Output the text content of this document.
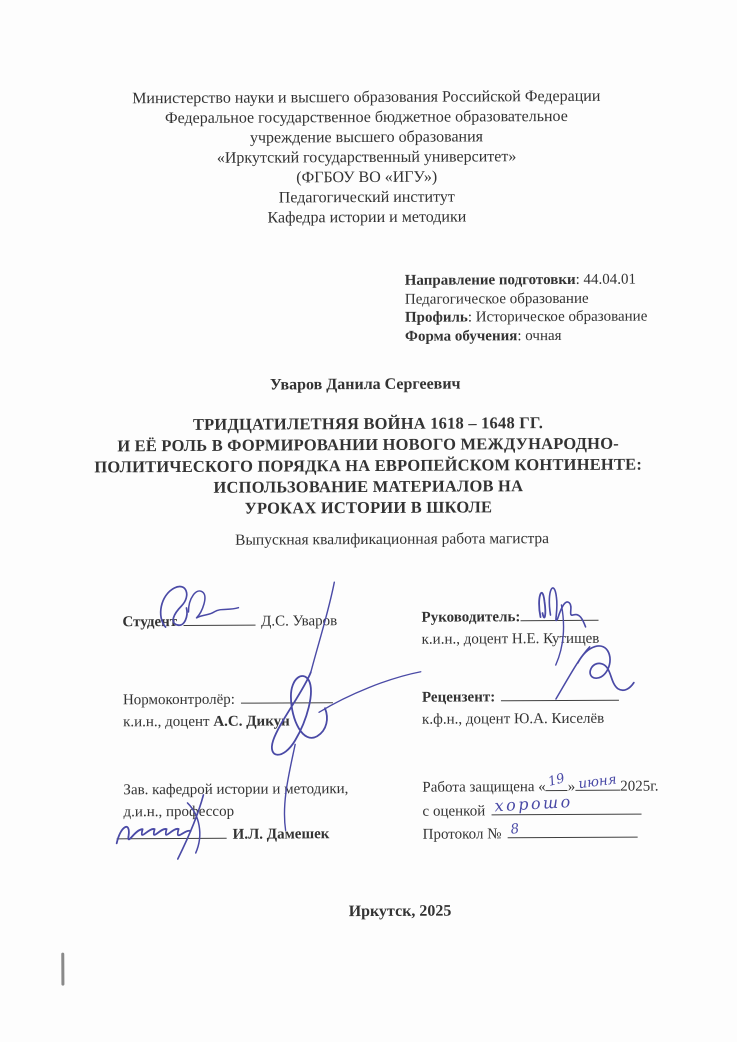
Министерство науки и высшего образования Российской Федерации
Федеральное государственное бюджетное образовательное
учреждение высшего образования
«Иркутский государственный университет»
(ФГБОУ ВО «ИГУ»)
Педагогический институт
Кафедра истории и методики
Направление подготовки: 44.04.01
Педагогическое образование
Профиль: Историческое образование
Форма обучения: очная
Уваров Данила Сергеевич
ТРИДЦАТИЛЕТНЯЯ ВОЙНА 1618 – 1648 ГГ.
И ЕЁ РОЛЬ В ФОРМИРОВАНИИ НОВОГО МЕЖДУНАРОДНО-
ПОЛИТИЧЕСКОГО ПОРЯДКА НА ЕВРОПЕЙСКОМ КОНТИНЕНТЕ:
ИСПОЛЬЗОВАНИЕ МАТЕРИАЛОВ НА
УРОКАХ ИСТОРИИ В ШКОЛЕ
Выпускная квалификационная работа магистра
Студент	Д.С. Уваров	Руководитель:
к.и.н., доцент Н.Е. Кутищев
Нормоконтролёр:
к.и.н., доцент А.С. Дикун
Рецензент:
к.ф.н., доцент Ю.А. Киселёв
Зав. кафедрой истории и методики,
д.и.н., профессор
И.Л. Дамешек
Работа защищена « 19 » июня 2025г.
с оценкой хорошо
Протокол № 8
Иркутск, 2025
